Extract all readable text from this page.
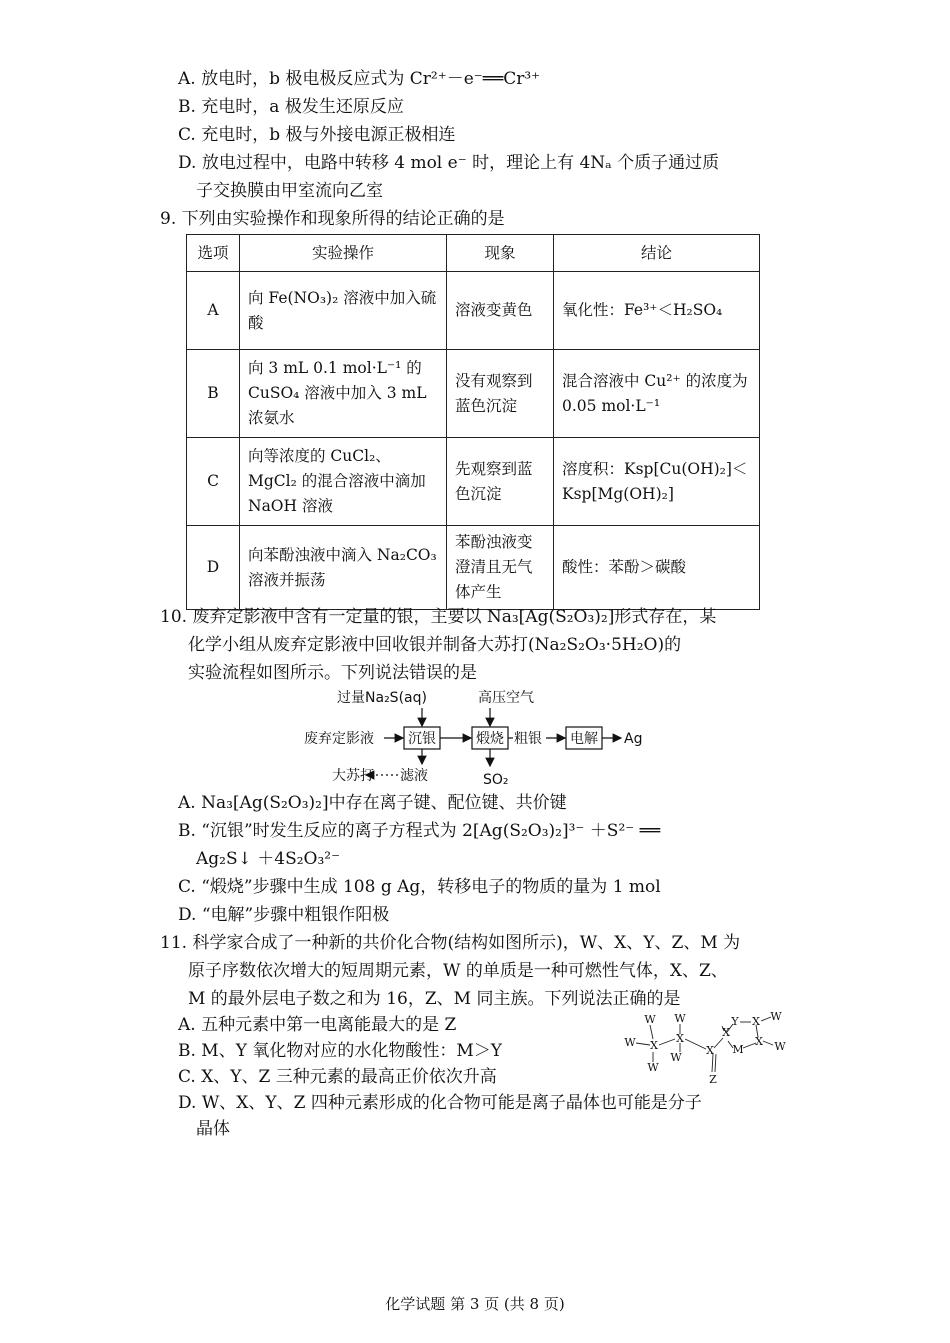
A. 放电时，b 极电极反应式为 Cr²⁺－e⁻══Cr³⁺
B. 充电时，a 极发生还原反应
C. 充电时，b 极与外接电源正极相连
D. 放电过程中，电路中转移 4 mol e⁻ 时，理论上有 4Nₐ 个质子通过质
子交换膜由甲室流向乙室
9. 下列由实验操作和现象所得的结论正确的是
选项	实验操作	现象	结论
A	向 Fe(NO₃)₂ 溶液中加入硫酸	溶液变黄色	氧化性：Fe³⁺＜H₂SO₄
B	向 3 mL 0.1 mol·L⁻¹ 的 CuSO₄ 溶液中加入 3 mL 浓氨水	没有观察到蓝色沉淀	混合溶液中 Cu²⁺ 的浓度为 0.05 mol·L⁻¹
C	向等浓度的 CuCl₂、MgCl₂ 的混合溶液中滴加 NaOH 溶液	先观察到蓝色沉淀	溶度积：Ksp[Cu(OH)₂]＜Ksp[Mg(OH)₂]
D	向苯酚浊液中滴入 Na₂CO₃ 溶液并振荡	苯酚浊液变澄清且无气体产生	酸性：苯酚＞碳酸
10. 废弃定影液中含有一定量的银，主要以 Na₃[Ag(S₂O₃)₂]形式存在，某
化学小组从废弃定影液中回收银并制备大苏打(Na₂S₂O₃·5H₂O)的
实验流程如图所示。下列说法错误的是
过量Na₂S(aq)	高压空气
废弃定影液 沉银	煅烧 粗银 电解 Ag
滤液
大苏打	SO₂
A. Na₃[Ag(S₂O₃)₂]中存在离子键、配位键、共价键
B. “沉银”时发生反应的离子方程式为 2[Ag(S₂O₃)₂]³⁻ ＋S²⁻ ══
Ag₂S↓ ＋4S₂O₃²⁻
C. “煅烧”步骤中生成 108 g Ag，转移电子的物质的量为 1 mol
D. “电解”步骤中粗银作阳极
11. 科学家合成了一种新的共价化合物(结构如图所示)，W、X、Y、Z、M 为
原子序数依次增大的短周期元素，W 的单质是一种可燃性气体，X、Z、
M 的最外层电子数之和为 16，Z、M 同主族。下列说法正确的是
A. 五种元素中第一电离能最大的是 Z
B. M、Y 氧化物对应的水化物酸性：M＞Y
C. X、Y、Z 三种元素的最高正价依次升高
D. W、X、Y、Z 四种元素形成的化合物可能是离子晶体也可能是分子
晶体
W W
W X
X
W
W
X
Z
X
Y X W
X W
M
化学试题 第 3 页 (共 8 页)
